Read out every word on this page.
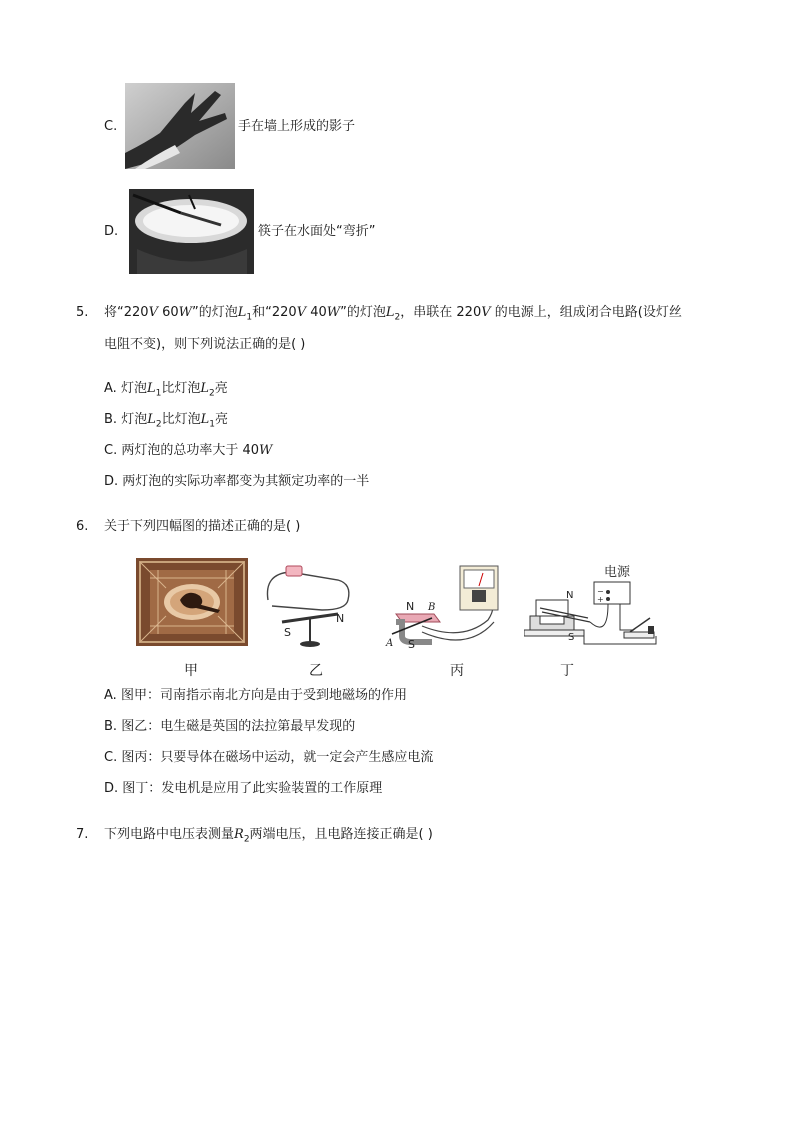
C.	手在墙上形成的影子
D.	筷子在水面处“弯折”
5. 将“220V 60W”的灯泡$L_1$和“220V 40W”的灯泡$L_2$，串联在 220V 的电源上，组成闭合电路(设灯丝
电阻不变)，则下列说法正确的是( )
A. 灯泡$L_1$比灯泡$L_2$亮
B. 灯泡$L_2$比灯泡$L_1$亮
C. 两灯泡的总功率大于 40W
D. 两灯泡的实际功率都变为其额定功率的一半
6. 关于下列四幅图的描述正确的是( )
S
N
N B
S
A
电源
−
+
N
S
甲	乙	丙	丁
A. 图甲：司南指示南北方向是由于受到地磁场的作用
B. 图乙：电生磁是英国的法拉第最早发现的
C. 图丙：只要导体在磁场中运动，就一定会产生感应电流
D. 图丁：发电机是应用了此实验装置的工作原理
7. 下列电路中电压表测量$R_2$两端电压，且电路连接正确是( )
